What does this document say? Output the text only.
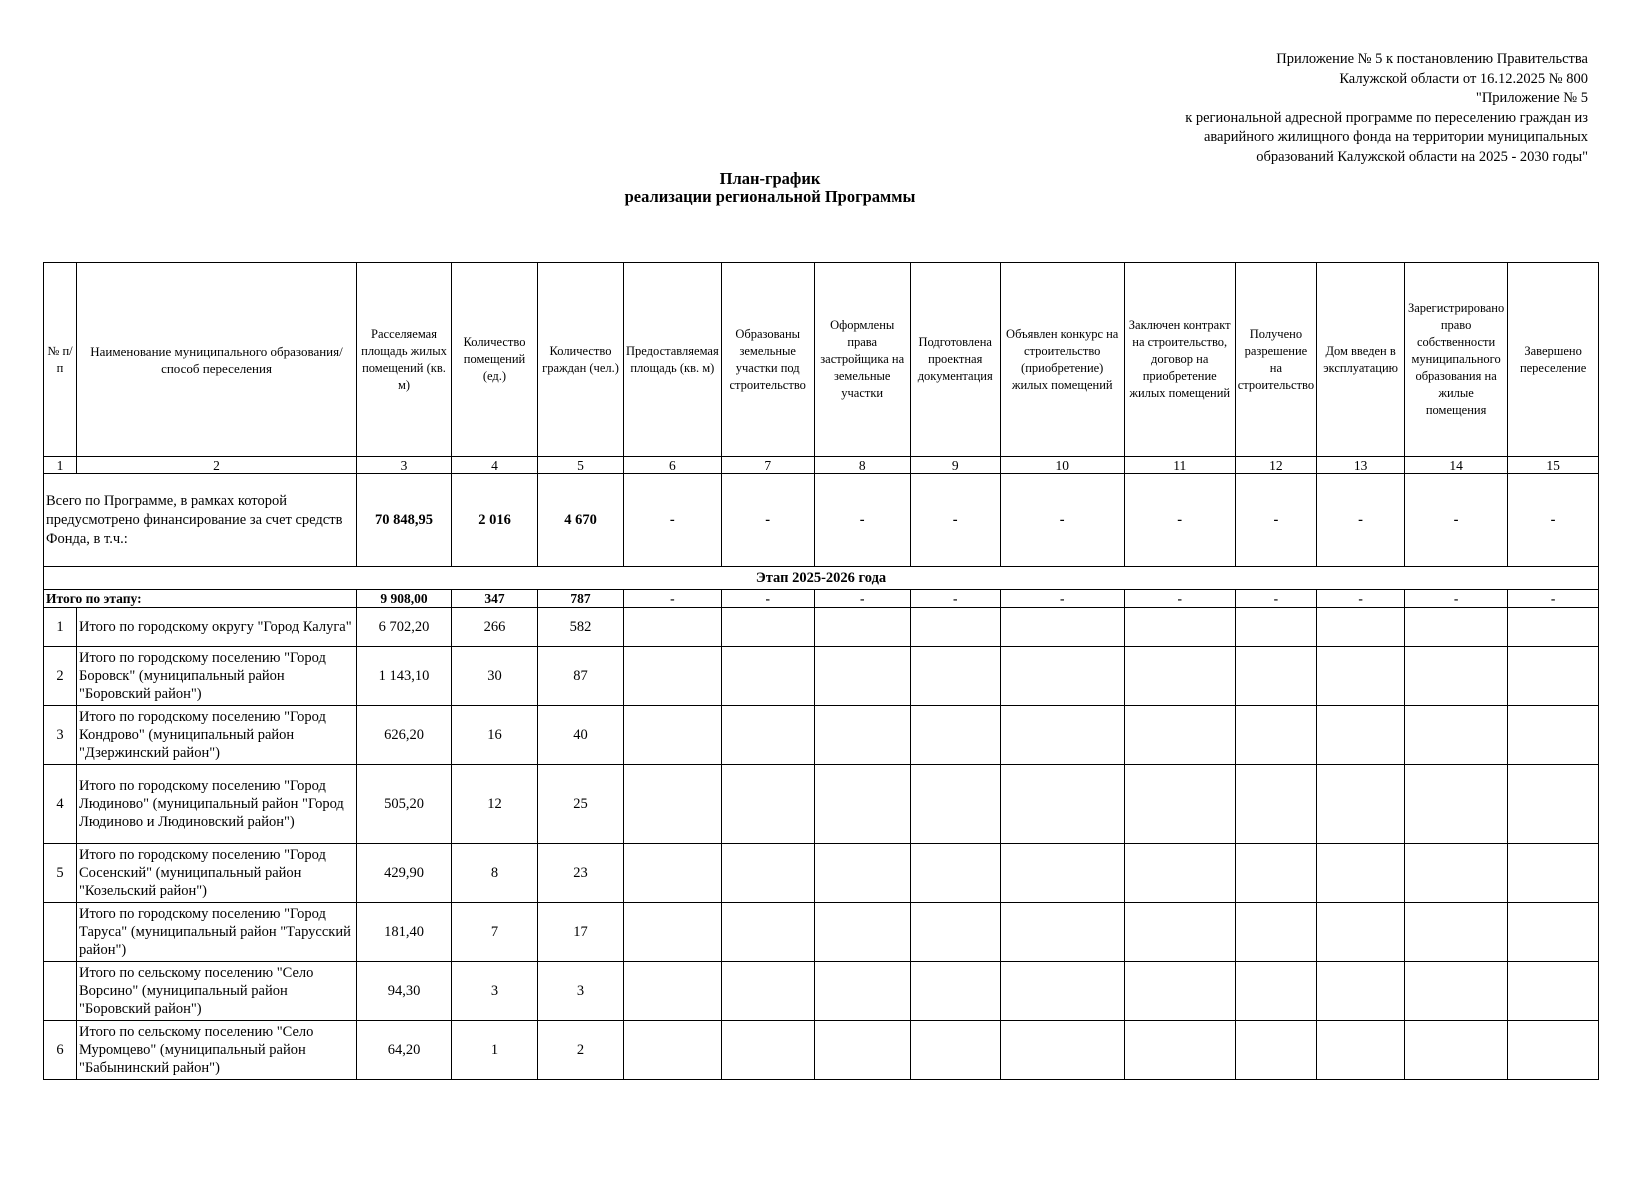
Приложение № 5 к постановлению Правительства
Калужской области от 16.12.2025 № 800
"Приложение № 5
к региональной адресной программе по переселению граждан из
аварийного жилищного фонда на территории муниципальных
образований Калужской области на 2025 - 2030 годы"
План-график
реализации региональной Программы
№ п/п	Наименование муниципального образования/способ переселения	Расселяемая площадь жилых помещений (кв. м)	Количество помещений (ед.)	Количество граждан (чел.)	Предоставляемая площадь (кв. м)	Образованы земельные участки под строительство	Оформлены права застройщика на земельные участки	Подготовлена проектная документация	Объявлен конкурс на строительство (приобретение) жилых помещений	Заключен контракт на строительство, договор на приобретение жилых помещений	Получено разрешение на строительство	Дом введен в эксплуатацию	Зарегистрировано право собственности муниципального образования на жилые помещения	Завершено переселение
1	2	3	4	5	6	7	8	9	10	11	12	13	14	15
Всего по Программе, в рамках которой предусмотрено финансирование за счет средств Фонда, в т.ч.:		70 848,95	2 016	4 670	-	-	-	-	-	-	-	-	-	-
Этап 2025-2026 года														
Итого по этапу:		9 908,00	347	787	-	-	-	-	-	-	-	-	-	-
1	Итого по городскому округу "Город Калуга"	6 702,20	266	582										
2	Итого по городскому поселению "Город Боровск" (муниципальный район "Боровский район")	1 143,10	30	87										
3	Итого по городскому поселению "Город Кондрово" (муниципальный район "Дзержинский район")	626,20	16	40										
4	Итого по городскому поселению "Город Людиново" (муниципальный район "Город Людиново и Людиновский район")	505,20	12	25										
5	Итого по городскому поселению "Город Сосенский" (муниципальный район "Козельский район")	429,90	8	23										
	Итого по городскому поселению "Город Таруса" (муниципальный район "Тарусский район")	181,40	7	17										
	Итого по сельскому поселению "Село Ворсино" (муниципальный район "Боровский район")	94,30	3	3										
6	Итого по сельскому поселению "Село Муромцево" (муниципальный район "Бабынинский район")	64,20	1	2										
